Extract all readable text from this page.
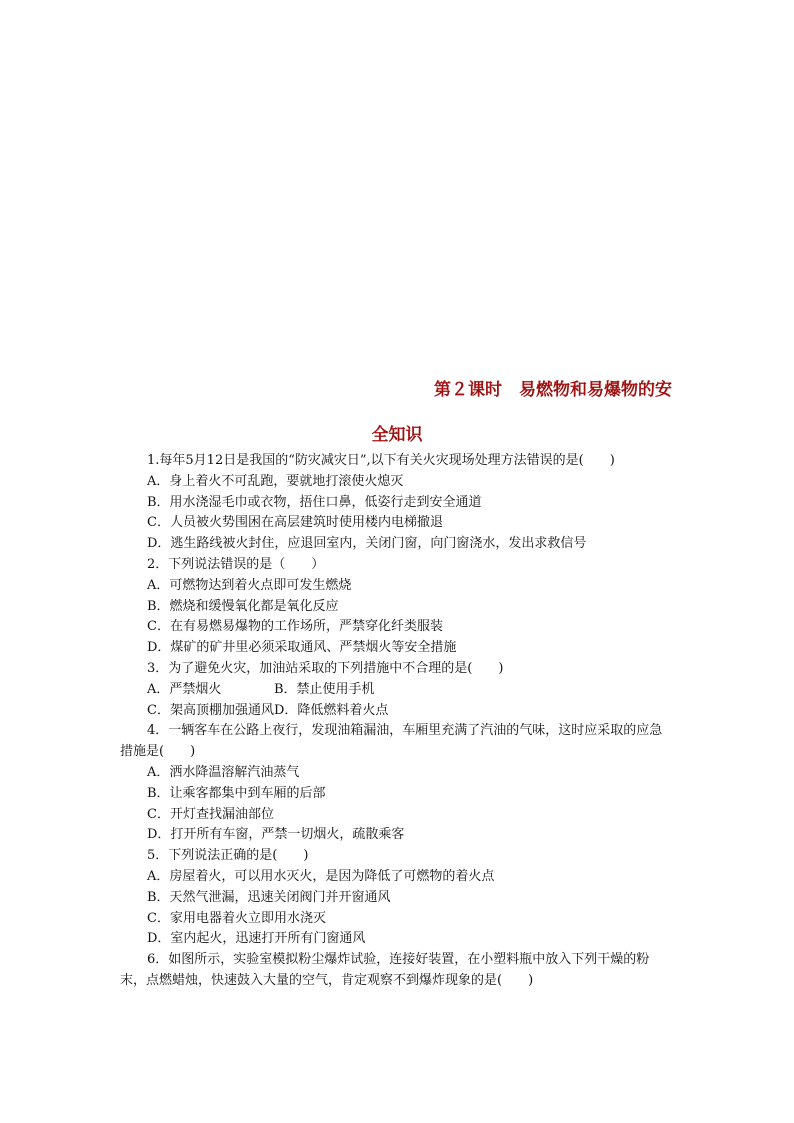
第２课时　易燃物和易爆物的安
全知识

1.每年5月12日是我国的“防灾减灾日”,以下有关火灾现场处理方法错误的是(　　)

A．身上着火不可乱跑，要就地打滚使火熄灭

B．用水浇湿毛巾或衣物，捂住口鼻，低姿行走到安全通道

C．人员被火势围困在高层建筑时使用楼内电梯撤退

D．逃生路线被火封住，应退回室内，关闭门窗，向门窗浇水，发出求救信号

2．下列说法错误的是（　　）

A．可燃物达到着火点即可发生燃烧

B．燃烧和缓慢氧化都是氧化反应

C．在有易燃易爆物的工作场所，严禁穿化纤类服装

D．煤矿的矿井里必须采取通风、严禁烟火等安全措施

3．为了避免火灾，加油站采取的下列措施中不合理的是(　　)

A．严禁烟火	B．禁止使用手机

C．架高顶棚加强通风D．降低燃料着火点

4．一辆客车在公路上夜行，发现油箱漏油，车厢里充满了汽油的气味，这时应采取的应急措施是(　　)

A．洒水降温溶解汽油蒸气

B．让乘客都集中到车厢的后部

C．开灯查找漏油部位

D．打开所有车窗，严禁一切烟火，疏散乘客

5．下列说法正确的是(　　)

A．房屋着火，可以用水灭火，是因为降低了可燃物的着火点

B．天然气泄漏，迅速关闭阀门并开窗通风

C．家用电器着火立即用水浇灭

D．室内起火，迅速打开所有门窗通风

6．如图所示，实验室模拟粉尘爆炸试验，连接好装置，在小塑料瓶中放入下列干燥的粉末，点燃蜡烛，快速鼓入大量的空气，肯定观察不到爆炸现象的是(　　)
